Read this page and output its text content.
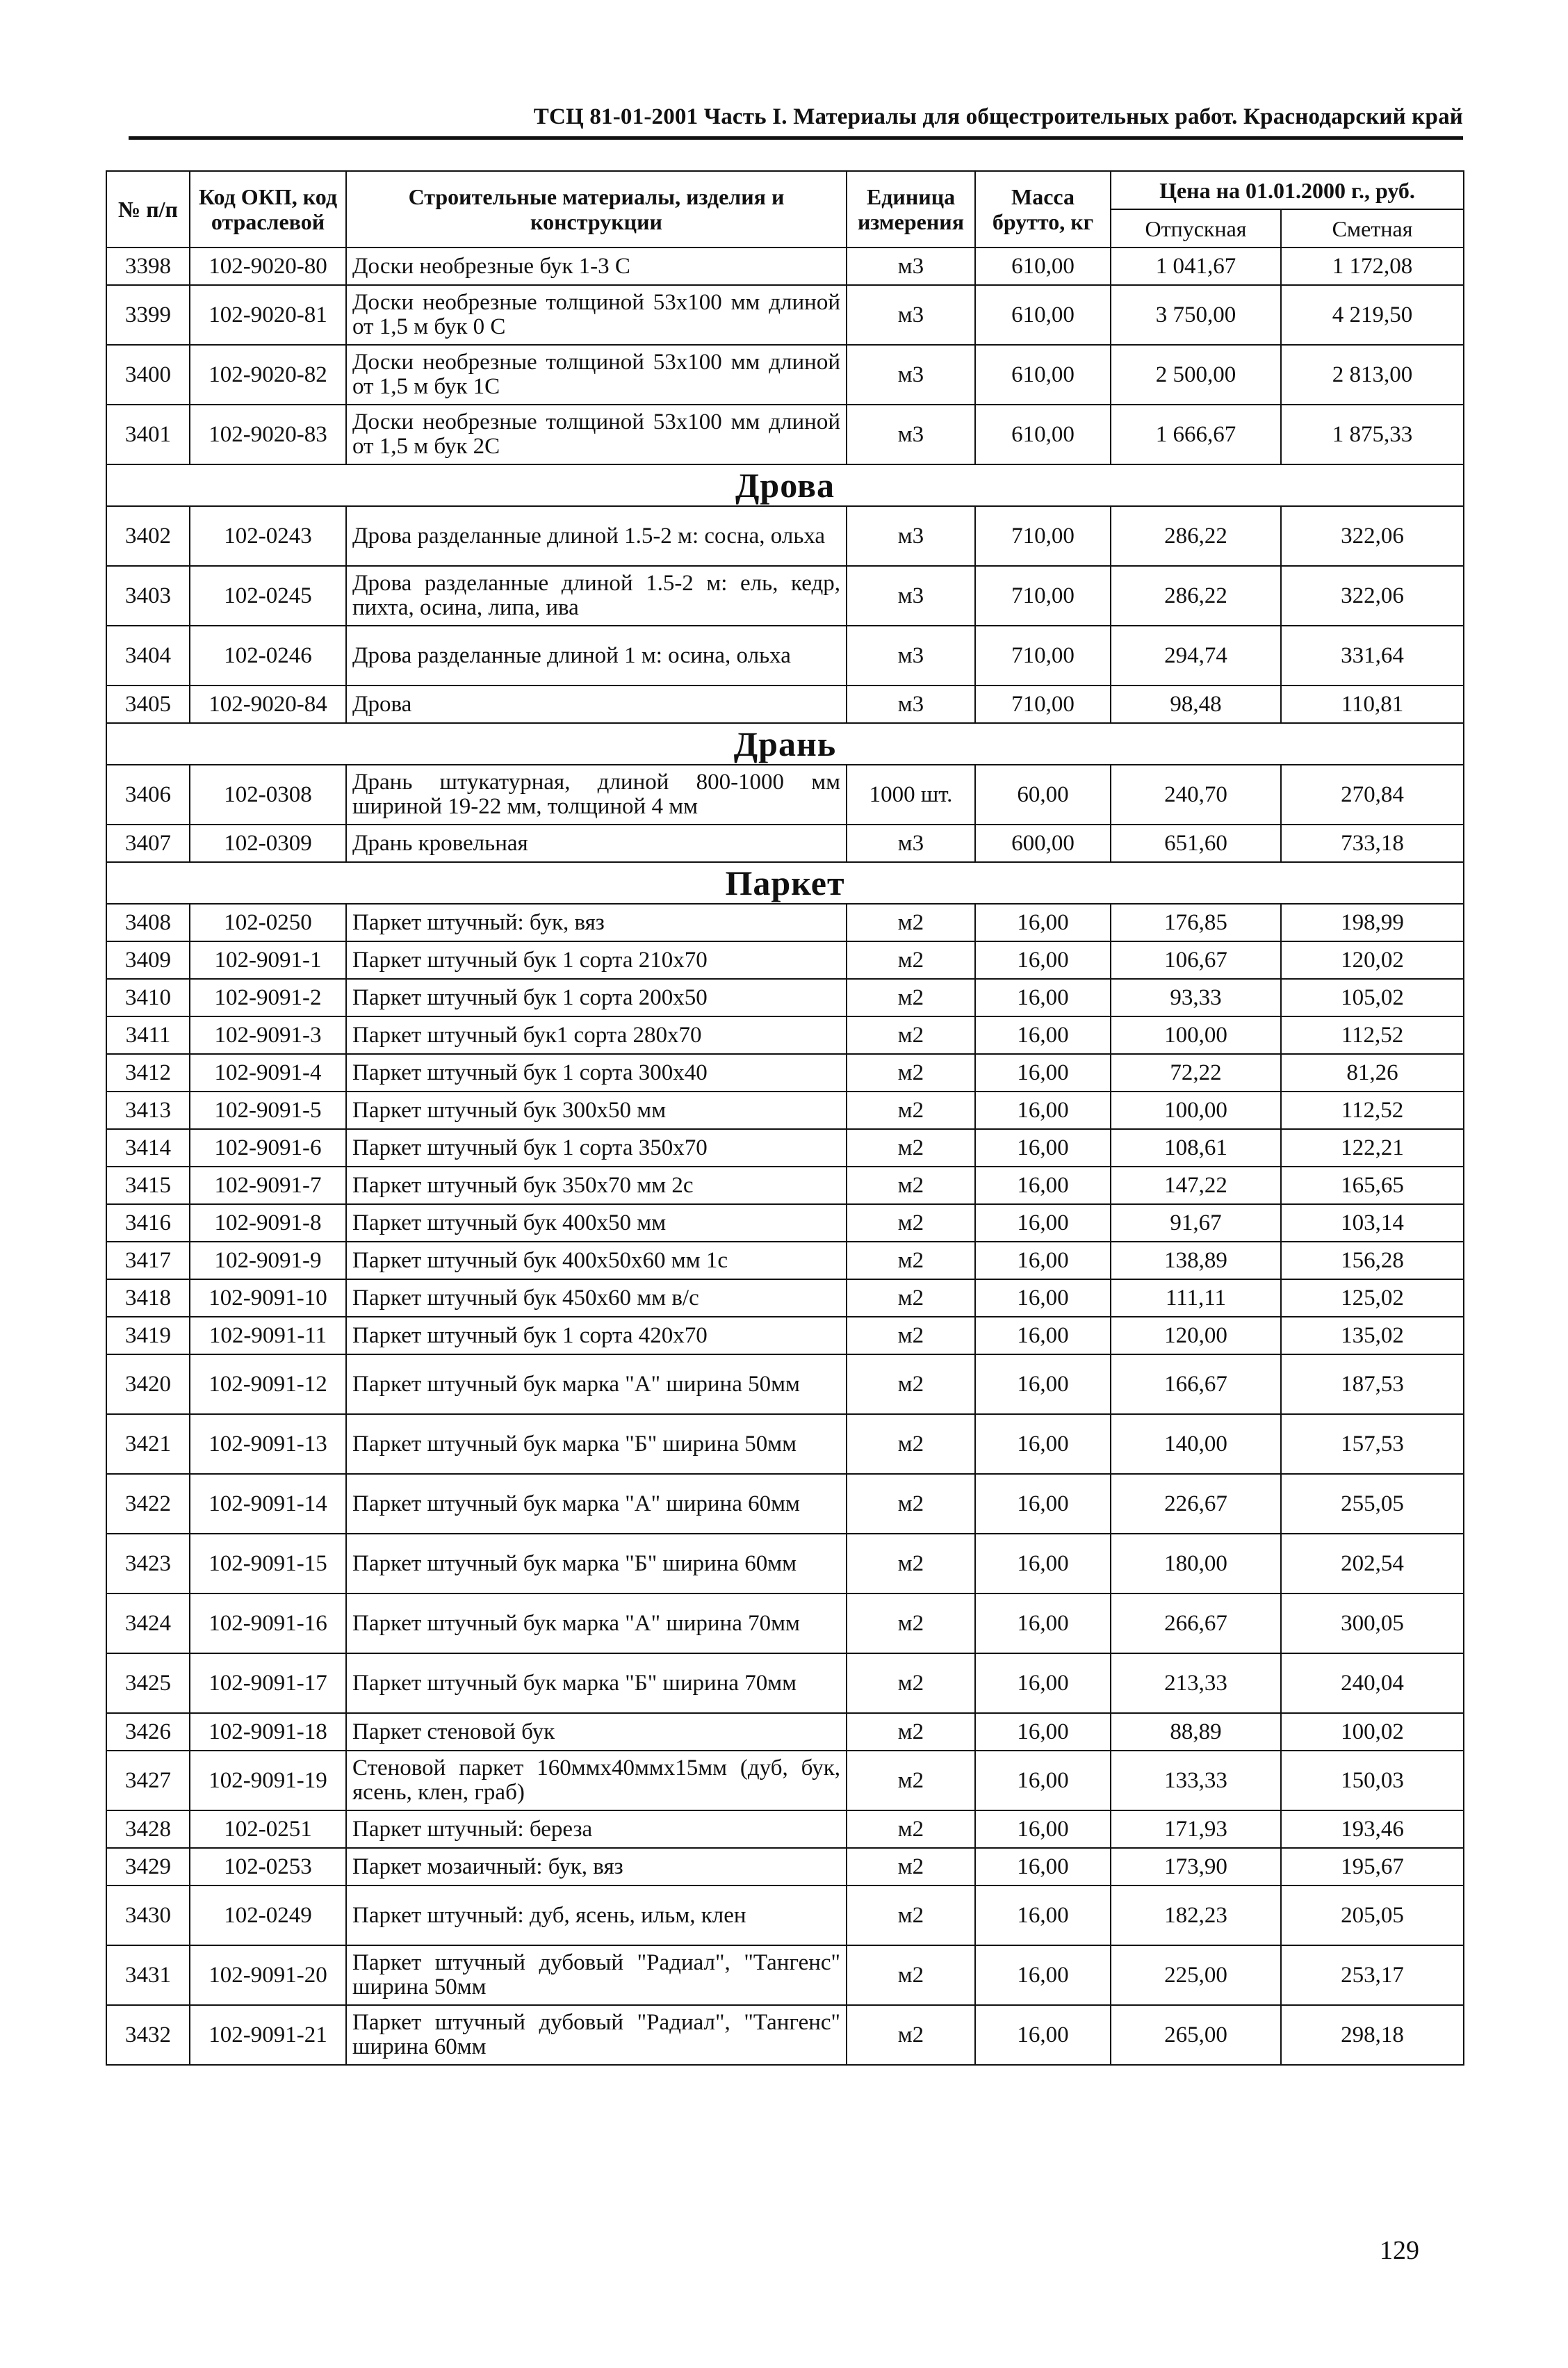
ТСЦ 81-01-2001 Часть I. Материалы для общестроительных работ. Краснодарский край
№ п/п	Код ОКП, код отраслевой	Строительные материалы, изделия и конструкции	Единица измерения	Масса брутто, кг	Цена на 01.01.2000 г., руб.	
					Отпускная	Сметная
3398	102-9020-80	Доски необрезные бук 1-3 С	м3	610,00	1 041,67	1 172,08
3399	102-9020-81	Доски необрезные толщиной 53х100 мм длиной от 1,5 м бук 0 С	м3	610,00	3 750,00	4 219,50
3400	102-9020-82	Доски необрезные толщиной 53х100 мм длиной от 1,5 м бук 1С	м3	610,00	2 500,00	2 813,00
3401	102-9020-83	Доски необрезные толщиной 53х100 мм длиной от 1,5 м бук 2С	м3	610,00	1 666,67	1 875,33
Дрова						
3402	102-0243	Дрова разделанные длиной 1.5-2 м: сосна, ольха	м3	710,00	286,22	322,06
3403	102-0245	Дрова разделанные длиной 1.5-2 м: ель, кедр, пихта, осина, липа, ива	м3	710,00	286,22	322,06
3404	102-0246	Дрова разделанные длиной 1 м: осина, ольха	м3	710,00	294,74	331,64
3405	102-9020-84	Дрова	м3	710,00	98,48	110,81
Дрань						
3406	102-0308	Дрань штукатурная, длиной 800-1000 мм шириной 19-22 мм, толщиной 4 мм	1000 шт.	60,00	240,70	270,84
3407	102-0309	Дрань кровельная	м3	600,00	651,60	733,18
Паркет						
3408	102-0250	Паркет штучный: бук, вяз	м2	16,00	176,85	198,99
3409	102-9091-1	Паркет штучный бук 1 сорта 210х70	м2	16,00	106,67	120,02
3410	102-9091-2	Паркет штучный бук 1 сорта 200х50	м2	16,00	93,33	105,02
3411	102-9091-3	Паркет штучный бук1 сорта 280х70	м2	16,00	100,00	112,52
3412	102-9091-4	Паркет штучный бук 1 сорта 300х40	м2	16,00	72,22	81,26
3413	102-9091-5	Паркет штучный бук 300х50 мм	м2	16,00	100,00	112,52
3414	102-9091-6	Паркет штучный бук 1 сорта 350х70	м2	16,00	108,61	122,21
3415	102-9091-7	Паркет штучный бук 350х70 мм 2с	м2	16,00	147,22	165,65
3416	102-9091-8	Паркет штучный бук 400х50 мм	м2	16,00	91,67	103,14
3417	102-9091-9	Паркет штучный бук 400х50х60 мм 1с	м2	16,00	138,89	156,28
3418	102-9091-10	Паркет штучный бук 450х60 мм в/с	м2	16,00	111,11	125,02
3419	102-9091-11	Паркет штучный бук 1 сорта 420х70	м2	16,00	120,00	135,02
3420	102-9091-12	Паркет штучный бук марка "А" ширина 50мм	м2	16,00	166,67	187,53
3421	102-9091-13	Паркет штучный бук марка "Б" ширина 50мм	м2	16,00	140,00	157,53
3422	102-9091-14	Паркет штучный бук марка "А" ширина 60мм	м2	16,00	226,67	255,05
3423	102-9091-15	Паркет штучный бук марка "Б" ширина 60мм	м2	16,00	180,00	202,54
3424	102-9091-16	Паркет штучный бук марка "А" ширина 70мм	м2	16,00	266,67	300,05
3425	102-9091-17	Паркет штучный бук марка "Б" ширина 70мм	м2	16,00	213,33	240,04
3426	102-9091-18	Паркет стеновой бук	м2	16,00	88,89	100,02
3427	102-9091-19	Стеновой паркет 160ммх40ммх15мм (дуб, бук, ясень, клен, граб)	м2	16,00	133,33	150,03
3428	102-0251	Паркет штучный: береза	м2	16,00	171,93	193,46
3429	102-0253	Паркет мозаичный: бук, вяз	м2	16,00	173,90	195,67
3430	102-0249	Паркет штучный: дуб, ясень, ильм, клен	м2	16,00	182,23	205,05
3431	102-9091-20	Паркет штучный дубовый "Радиал", "Тангенс" ширина 50мм	м2	16,00	225,00	253,17
3432	102-9091-21	Паркет штучный дубовый "Радиал", "Тангенс" ширина 60мм	м2	16,00	265,00	298,18
129
